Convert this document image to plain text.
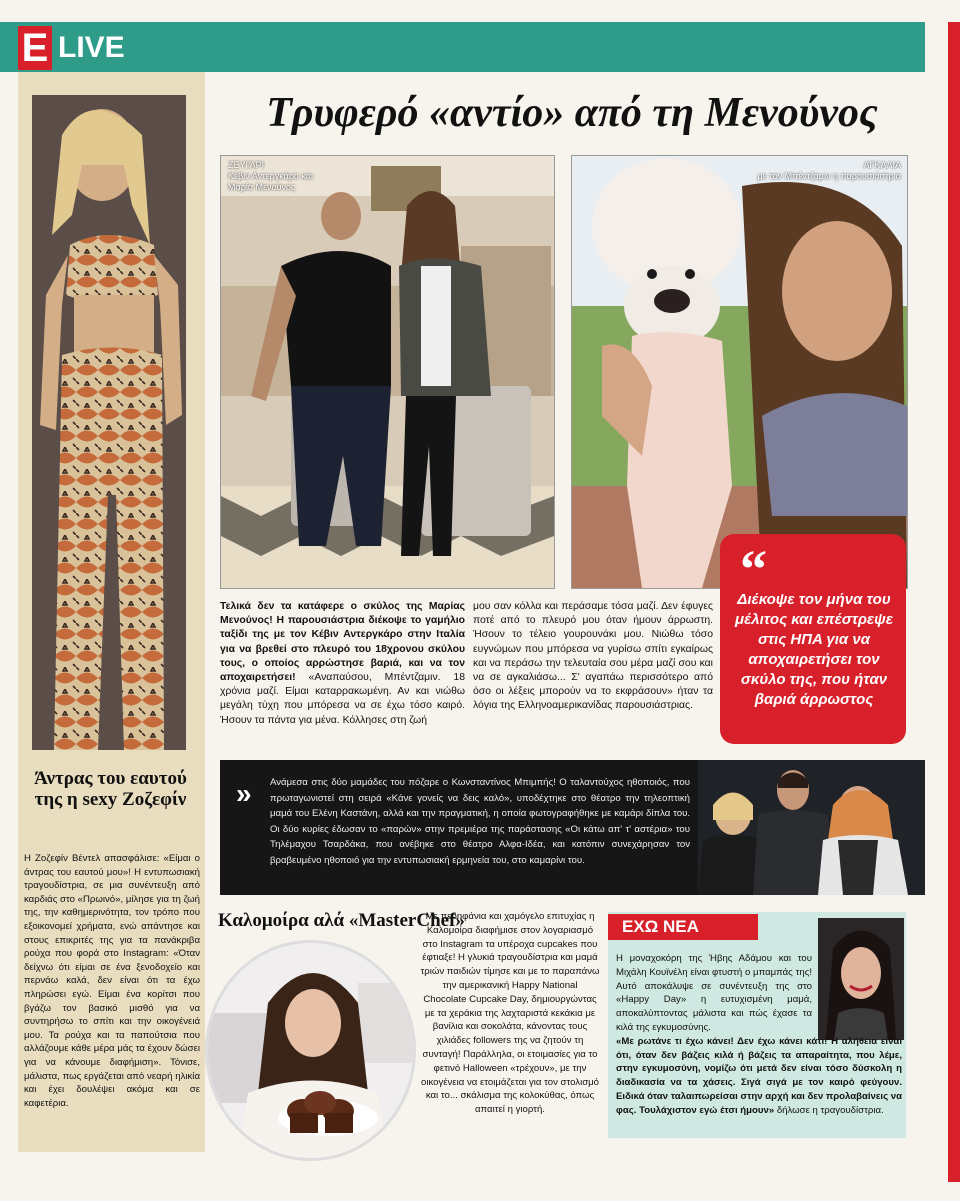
E LIVE
Άντρας του εαυτού της η sexy Ζοζεφίν
Η Ζοζεφίν Βέντελ απασφάλισε: «Είμαι ο άντρας του εαυτού μου»! Η εντυπωσιακή τραγουδίστρια, σε μια συνέντευξη από καρδιάς στο «Πρωινό», μίλησε για τη ζωή της, την καθημερινότητα, τον τρόπο που εξοικονομεί χρήματα, ενώ απάντησε και στους επικριτές της για τα πανάκριβα ρούχα που φορά στο Instagram: «Όταν δείχνω ότι είμαι σε ένα ξενοδοχείο και περνάω καλά, δεν είναι ότι τα έχω πληρώσει εγώ. Είμαι ένα κορίτσι που βγάζω τον βασικό μισθό για να συντηρήσω το σπίτι και την οικογένειά μου. Τα ρούχα και τα παπούτσια που αλλάζουμε κάθε μέρα μάς τα έχουν δώσει για να κάνουμε διαφήμιση». Τόνισε, μάλιστα, πως εργάζεται από νεαρή ηλικία και έχει δουλέψει ακόμα και σε καφετέρια.
Τρυφερό «αντίο» από τη Μενούνος
ΖΕΥΓΑΡΙ
Κέβιν Αντεργκάρο και Μαρία Μενούνος
ΑΓΚΑΛΙΑ
με τον Μπέντζαμιν η παρουσιάστρια
Τελικά δεν τα κατάφερε ο σκύλος της Μαρίας Μενούνος! Η παρουσιάστρια διέκοψε το γαμήλιο ταξίδι της με τον Κέβιν Αντεργκάρο στην Ιταλία για να βρεθεί στο πλευρό του 18χρονου σκύλου τους, ο οποίος αρρώστησε βαριά, και να τον αποχαιρετήσει! «Αναπαύσου, Μπέντζαμιν. 18 χρόνια μαζί. Είμαι καταρρακωμένη. Αν και νιώθω μεγάλη τύχη που μπόρεσα να σε έχω τόσο καιρό. Ήσουν τα πάντα για μένα. Κόλλησες στη ζωή
μου σαν κόλλα και περάσαμε τόσα μαζί. Δεν έφυγες ποτέ από το πλευρό μου όταν ήμουν άρρωστη. Ήσουν το τέλειο γουρουνάκι μου. Νιώθω τόσο ευγνώμων που μπόρεσα να γυρίσω σπίτι εγκαίρως και να περάσω την τελευταία σου μέρα μαζί σου και να σε αγκαλιάσω... Σ' αγαπάω περισσότερο από όσο οι λέξεις μπορούν να το εκφράσουν» ήταν τα λόγια της Ελληνοαμερικανίδας παρουσιάστριας.
“
Διέκοψε τον μήνα του μέλιτος και επέστρεψε στις ΗΠΑ για να αποχαιρετήσει τον σκύλο της, που ήταν βαριά άρρωστος
» Ανάμεσα στις δύο μαμάδες του πόζαρε ο Κωνσταντίνος Μπιμπής! Ο ταλαντούχος ηθοποιός, που πρωταγωνιστεί στη σειρά «Κάνε γονείς να δεις καλό», υποδέχτηκε στο θέατρο την τηλεοπτική μαμά του Ελένη Καστάνη, αλλά και την πραγματική, η οποία φωτογραφήθηκε με καμάρι δίπλα του. Οι δύο κυρίες έδωσαν το «παρών» στην πρεμιέρα της παράστασης «Οι κάτω απ' τ' αστέρια» του Τηλέμαχου Τσαρδάκα, που ανέβηκε στο θέατρο Αλφα-Ιδέα, και κατόπιν συνεχάρησαν τον βραβευμένο ηθοποιό για την εντυπωσιακή ερμηνεία του, στο καμαρίνι του.
Καλομοίρα αλά «MasterChef»
Με περηφάνια και χαμόγελο επιτυχίας η Καλομοίρα διαφήμισε στον λογαριασμό στο Instagram τα υπέροχα cupcakes που έφτιαξε! Η γλυκιά τραγουδίστρια και μαμά τριών παιδιών τίμησε και με το παραπάνω την αμερικανική Happy National Chocolate Cupcake Day, δημιουργώντας με τα χεράκια της λαχταριστά κεκάκια με βανίλια και σοκολάτα, κάνοντας τους χιλιάδες followers της να ζητούν τη συνταγή! Παράλληλα, οι ετοιμασίες για το φετινό Halloween «τρέχουν», με την οικογένεια να ετοιμάζεται για τον στολισμό και το... σκάλισμα της κολοκύθας, όπως απαιτεί η γιορτή.
ΕΧΩ ΝΕΑ
Η μοναχοκόρη της Ήβης Αδάμου και του Μιχάλη Κουϊνέλη είναι φτυστή ο μπαμπάς της! Αυτό αποκάλυψε σε συνέντευξη της στο «Happy Day» η ευτυχισμένη μαμά, αποκαλύπτοντας μάλιστα και πώς έχασε τα κιλά της εγκυμοσύνης.
«Με ρωτάνε τι έχω κάνει! Δεν έχω κάνει κάτι! Η αλήθεια είναι ότι, όταν δεν βάζεις κιλά ή βάζεις τα απαραίτητα, που λέμε, στην εγκυμοσύνη, νομίζω ότι μετά δεν είναι τόσο δύσκολη η διαδικασία να τα χάσεις. Σιγά σιγά με τον καιρό φεύγουν. Ειδικά όταν ταλαιπωρείσαι στην αρχή και δεν προλαβαίνεις να φας. Τουλάχιστον εγώ έτσι ήμουν» δήλωσε η τραγουδίστρια.
